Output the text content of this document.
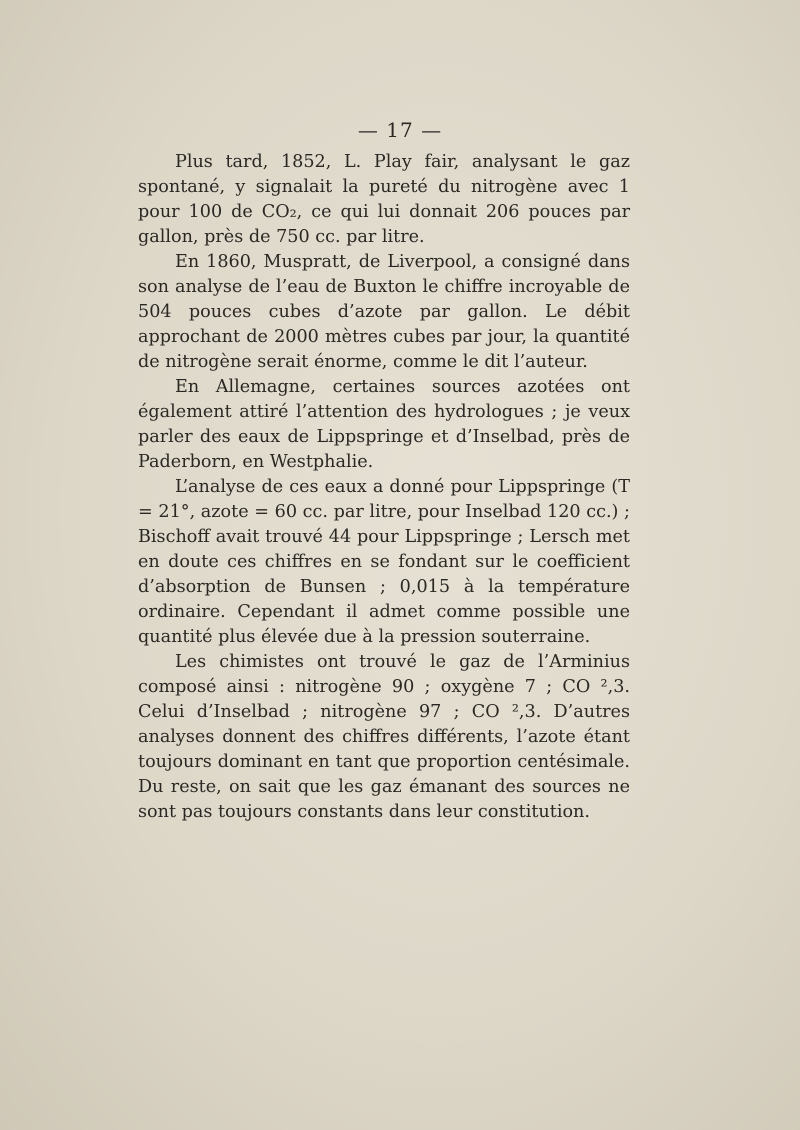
— 17 —

Plus tard, 1852, L. Play fair, analysant le gaz spontané, y signalait la pureté du nitrogène avec 1 pour 100 de CO₂, ce qui lui donnait 206 pouces par gallon, près de 750 cc. par litre.

En 1860, Muspratt, de Liverpool, a consigné dans son analyse de l’eau de Buxton le chiffre incroyable de 504 pouces cubes d’azote par gallon. Le débit approchant de 2000 mètres cubes par jour, la quantité de nitrogène serait énorme, comme le dit l’auteur.

En Allemagne, certaines sources azotées ont également attiré l’attention des hydrologues ; je veux parler des eaux de Lippspringe et d’Inselbad, près de Paderborn, en Westphalie.

L’analyse de ces eaux a donné pour Lippspringe (T = 21°, azote = 60 cc. par litre, pour Inselbad 120 cc.) ; Bischoff avait trouvé 44 pour Lippspringe ; Lersch met en doute ces chiffres en se fondant sur le coefficient d’absorption de Bunsen ; 0,015 à la température ordinaire. Cependant il admet comme possible une quantité plus élevée due à la pression souterraine.

Les chimistes ont trouvé le gaz de l’Arminius composé ainsi : nitrogène 90 ; oxygène 7 ; CO ²,3. Celui d’Inselbad ; nitrogène 97 ; CO ²,3. D’autres analyses donnent des chiffres différents, l’azote étant toujours dominant en tant que proportion centésimale. Du reste, on sait que les gaz émanant des sources ne sont pas toujours constants dans leur constitution.
